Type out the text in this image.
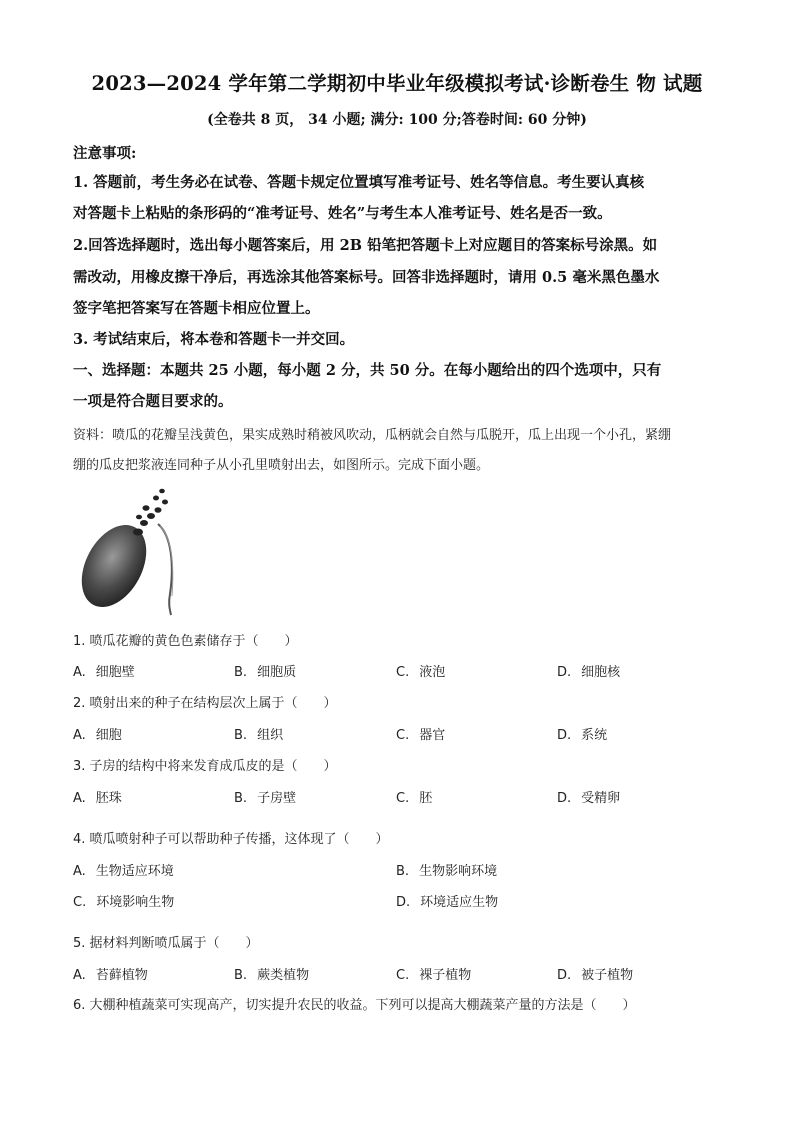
2023—2024 学年第二学期初中毕业年级模拟考试·诊断卷生 物 试题
(全卷共 8 页， 34 小题; 满分: 100 分;答卷时间: 60 分钟)
注意事项:
1. 答题前，考生务必在试卷、答题卡规定位置填写准考证号、姓名等信息。考生要认真核
对答题卡上粘贴的条形码的“准考证号、姓名”与考生本人准考证号、姓名是否一致。
2.回答选择题时，选出每小题答案后，用 2B 铅笔把答题卡上对应题目的答案标号涂黑。如
需改动，用橡皮擦干净后，再选涂其他答案标号。回答非选择题时，请用 0.5 毫米黑色墨水
签字笔把答案写在答题卡相应位置上。
3. 考试结束后，将本卷和答题卡一并交回。
一、选择题：本题共 25 小题，每小题 2 分，共 50 分。在每小题给出的四个选项中，只有
一项是符合题目要求的。
资料：喷瓜的花瓣呈浅黄色，果实成熟时稍被风吹动，瓜柄就会自然与瓜脱开，瓜上出现一个小孔，紧绷
绷的瓜皮把浆液连同种子从小孔里喷射出去，如图所示。完成下面小题。
1. 喷瓜花瓣的黄色色素储存于（　　）
A. 细胞壁	B. 细胞质	C. 液泡	D. 细胞核
2. 喷射出来的种子在结构层次上属于（　　）
A. 细胞	B. 组织	C. 器官	D. 系统
3. 子房的结构中将来发育成瓜皮的是（　　）
A. 胚珠	B. 子房壁	C. 胚	D. 受精卵
4. 喷瓜喷射种子可以帮助种子传播，这体现了（　　）
A. 生物适应环境	B. 生物影响环境
C. 环境影响生物	D. 环境适应生物
5. 据材料判断喷瓜属于（　　）
A. 苔藓植物	B. 蕨类植物	C. 裸子植物	D. 被子植物
6. 大棚种植蔬菜可实现高产，切实提升农民的收益。下列可以提高大棚蔬菜产量的方法是（　　）
